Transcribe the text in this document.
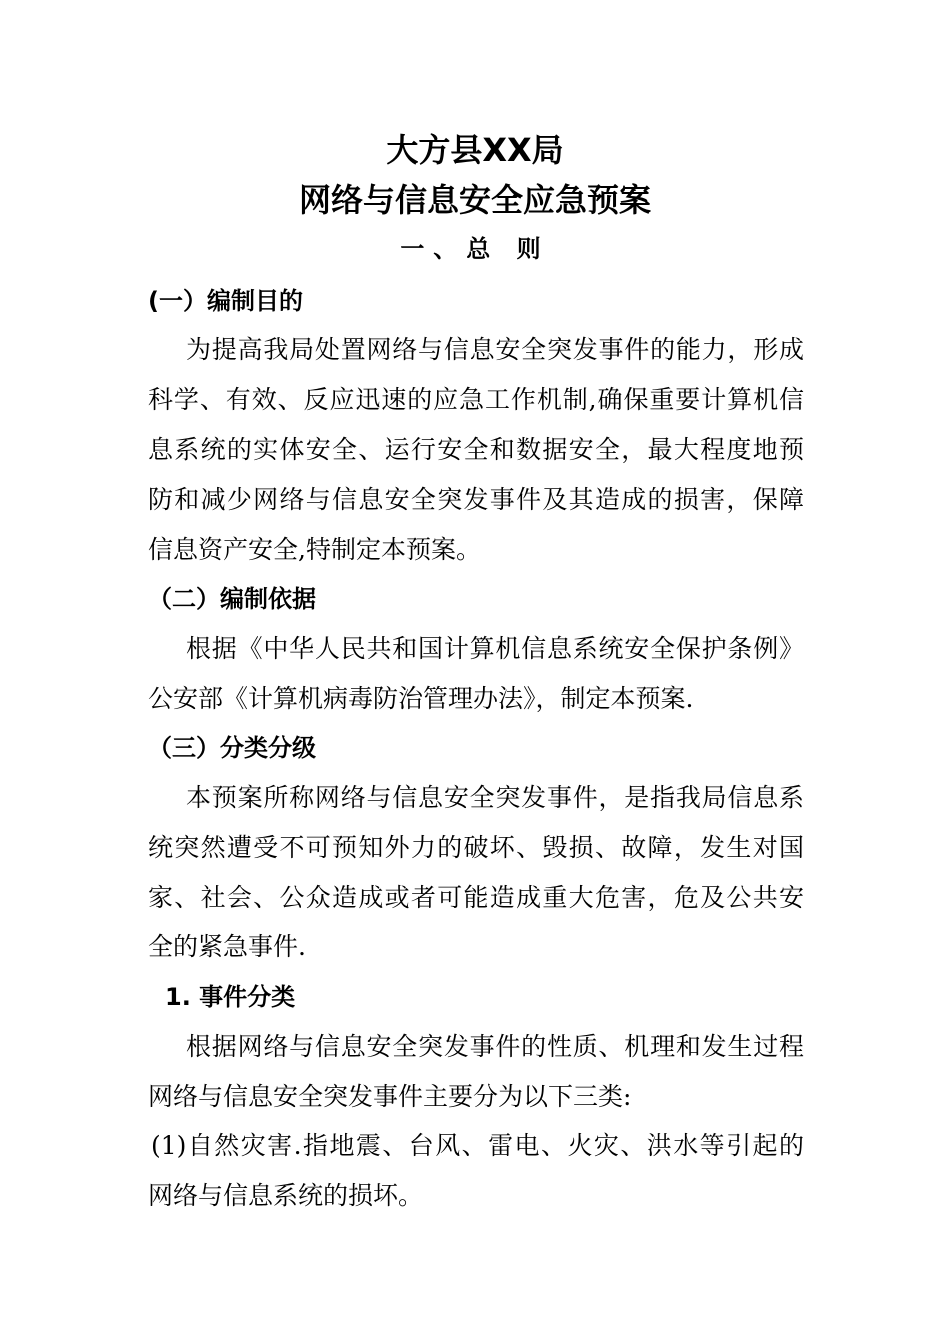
大方县XX局
网络与信息安全应急预案
一、总 则
(一）编制目的
为提高我局处置网络与信息安全突发事件的能力，形成
科学、有效、反应迅速的应急工作机制,确保重要计算机信
息系统的实体安全、运行安全和数据安全，最大程度地预
防和减少网络与信息安全突发事件及其造成的损害，保障
信息资产安全,特制定本预案。
（二）编制依据
根据《中华人民共和国计算机信息系统安全保护条例》
公安部《计算机病毒防治管理办法》，制定本预案.
（三）分类分级
本预案所称网络与信息安全突发事件，是指我局信息系
统突然遭受不可预知外力的破坏、毁损、故障，发生对国
家、社会、公众造成或者可能造成重大危害，危及公共安
全的紧急事件.
1. 事件分类
根据网络与信息安全突发事件的性质、机理和发生过程
网络与信息安全突发事件主要分为以下三类:
(1)自然灾害.指地震、台风、雷电、火灾、洪水等引起的
网络与信息系统的损坏。
